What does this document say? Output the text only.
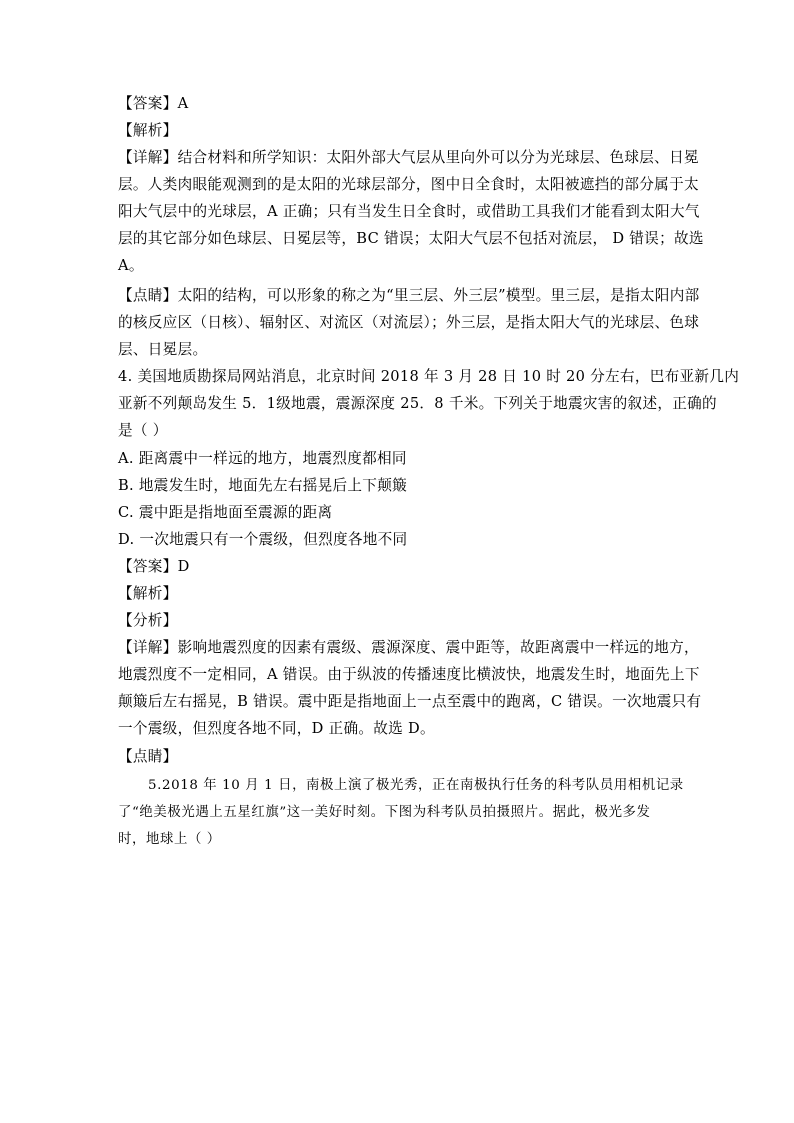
【答案】A
【解析】
【详解】结合材料和所学知识：太阳外部大气层从里向外可以分为光球层、色球层、日冕
层。人类肉眼能观测到的是太阳的光球层部分，图中日全食时，太阳被遮挡的部分属于太
阳大气层中的光球层，A 正确；只有当发生日全食时，或借助工具我们才能看到太阳大气
层的其它部分如色球层、日冕层等，BC 错误；太阳大气层不包括对流层， D 错误；故选
A。
【点睛】太阳的结构，可以形象的称之为“里三层、外三层”模型。里三层，是指太阳内部
的核反应区（日核）、辐射区、对流区（对流层）；外三层，是指太阳大气的光球层、色球
层、日冕层。
4. 美国地质勘探局网站消息，北京时间 2018 年 3 月 28 日 10 时 20 分左右，巴布亚新几内
亚新不列颠岛发生 5．1级地震，震源深度 25．8 千米。下列关于地震灾害的叙述，正确的
是（ ）
A. 距离震中一样远的地方，地震烈度都相同
B. 地震发生时，地面先左右摇晃后上下颠簸
C. 震中距是指地面至震源的距离
D. 一次地震只有一个震级，但烈度各地不同
【答案】D
【解析】
【分析】
【详解】影响地震烈度的因素有震级、震源深度、震中距等，故距离震中一样远的地方，
地震烈度不一定相同，A 错误。由于纵波的传播速度比横波快，地震发生时，地面先上下
颠簸后左右摇晃，B 错误。震中距是指地面上一点至震中的跑离，C 错误。一次地震只有
一个震级，但烈度各地不同，D 正确。故选 D。
【点睛】
5.2018 年 10 月 1 日，南极上演了极光秀，正在南极执行任务的科考队员用相机记录
了“绝美极光遇上五星红旗”这一美好时刻。下图为科考队员拍摄照片。据此，极光多发
时，地球上（ ）
